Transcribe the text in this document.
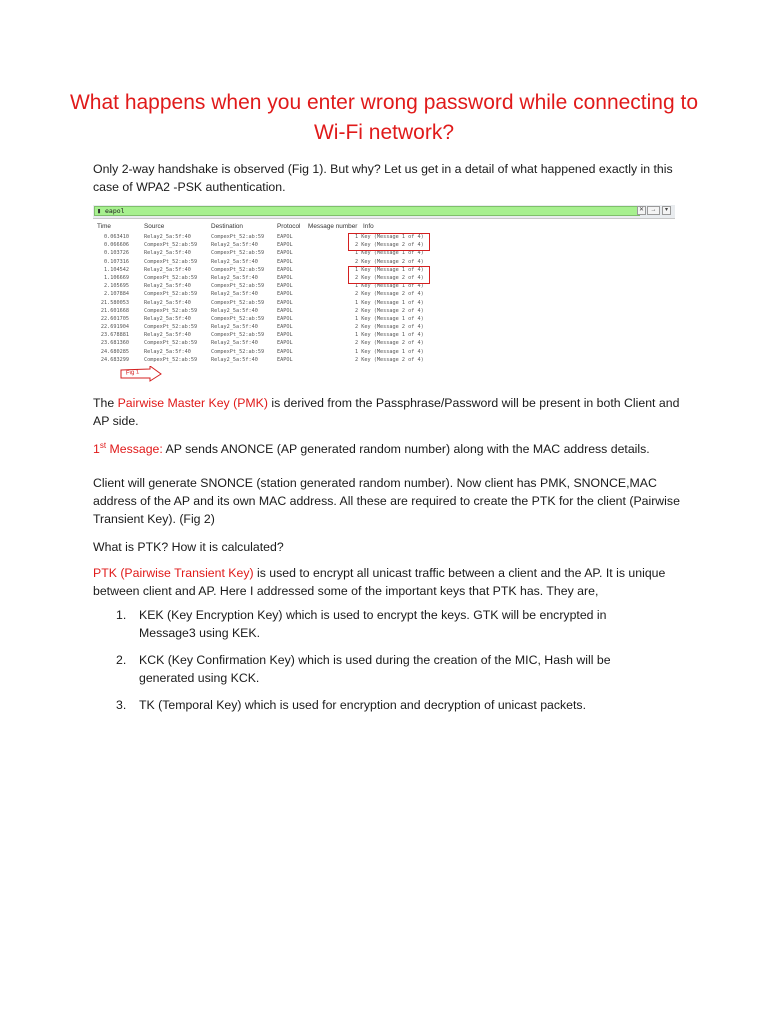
What happens when you enter wrong password while connecting to Wi-Fi network?

Only 2-way handshake is observed (Fig 1). But why? Let us get in a detail of what happened exactly in this case of WPA2 -PSK authentication.

▮ eapol	✕	→	▾
Time	Source	Destination	Protocol Message number Info
0.063410	Relay2_5a:5f:40	CompexPt_52:ab:59 EAPOL	1 Key (Message 1 of 4)
0.066606	CompexPt_52:ab:59	Relay2_5a:5f:40	EAPOL	2 Key (Message 2 of 4)
0.103726	Relay2_5a:5f:40	CompexPt_52:ab:59 EAPOL	1 Key (Message 1 of 4)
0.107316	CompexPt_52:ab:59	Relay2_5a:5f:40	EAPOL	2 Key (Message 2 of 4)
1.104542	Relay2_5a:5f:40	CompexPt_52:ab:59 EAPOL	1 Key (Message 1 of 4)
1.106669	CompexPt_52:ab:59	Relay2_5a:5f:40	EAPOL	2 Key (Message 2 of 4)
2.105695	Relay2_5a:5f:40	CompexPt_52:ab:59 EAPOL	1 Key (Message 1 of 4)
2.107884	CompexPt_52:ab:59	Relay2_5a:5f:40	EAPOL	2 Key (Message 2 of 4)
21.580053	Relay2_5a:5f:40	CompexPt_52:ab:59 EAPOL	1 Key (Message 1 of 4)
21.601668	CompexPt_52:ab:59	Relay2_5a:5f:40	EAPOL	2 Key (Message 2 of 4)
22.601705	Relay2_5a:5f:40	CompexPt_52:ab:59 EAPOL	1 Key (Message 1 of 4)
22.691904	CompexPt_52:ab:59	Relay2_5a:5f:40	EAPOL	2 Key (Message 2 of 4)
23.678881	Relay2_5a:5f:40	CompexPt_52:ab:59 EAPOL	1 Key (Message 1 of 4)
23.681360	CompexPt_52:ab:59	Relay2_5a:5f:40	EAPOL	2 Key (Message 2 of 4)
24.680285	Relay2_5a:5f:40	CompexPt_52:ab:59 EAPOL	1 Key (Message 1 of 4)
24.683299	CompexPt_52:ab:59	Relay2_5a:5f:40	EAPOL	2 Key (Message 2 of 4)
Fig 1

The Pairwise Master Key (PMK) is derived from the Passphrase/Password will be present in both Client and AP side.

1st Message: AP sends ANONCE (AP generated random number) along with the MAC address details.

Client will generate SNONCE (station generated random number). Now client has PMK, SNONCE,MAC address of the AP and its own MAC address. All these are required to create the PTK for the client (Pairwise Transient Key). (Fig 2)

What is PTK? How it is calculated?

PTK (Pairwise Transient Key) is used to encrypt all unicast traffic between a client and the AP. It is unique between client and AP. Here I addressed some of the important keys that PTK has. They are,

1. KEK (Key Encryption Key) which is used to encrypt the keys. GTK will be encrypted in Message3 using KEK.
2. KCK (Key Confirmation Key) which is used during the creation of the MIC, Hash will be generated using KCK.
3. TK (Temporal Key) which is used for encryption and decryption of unicast packets.
